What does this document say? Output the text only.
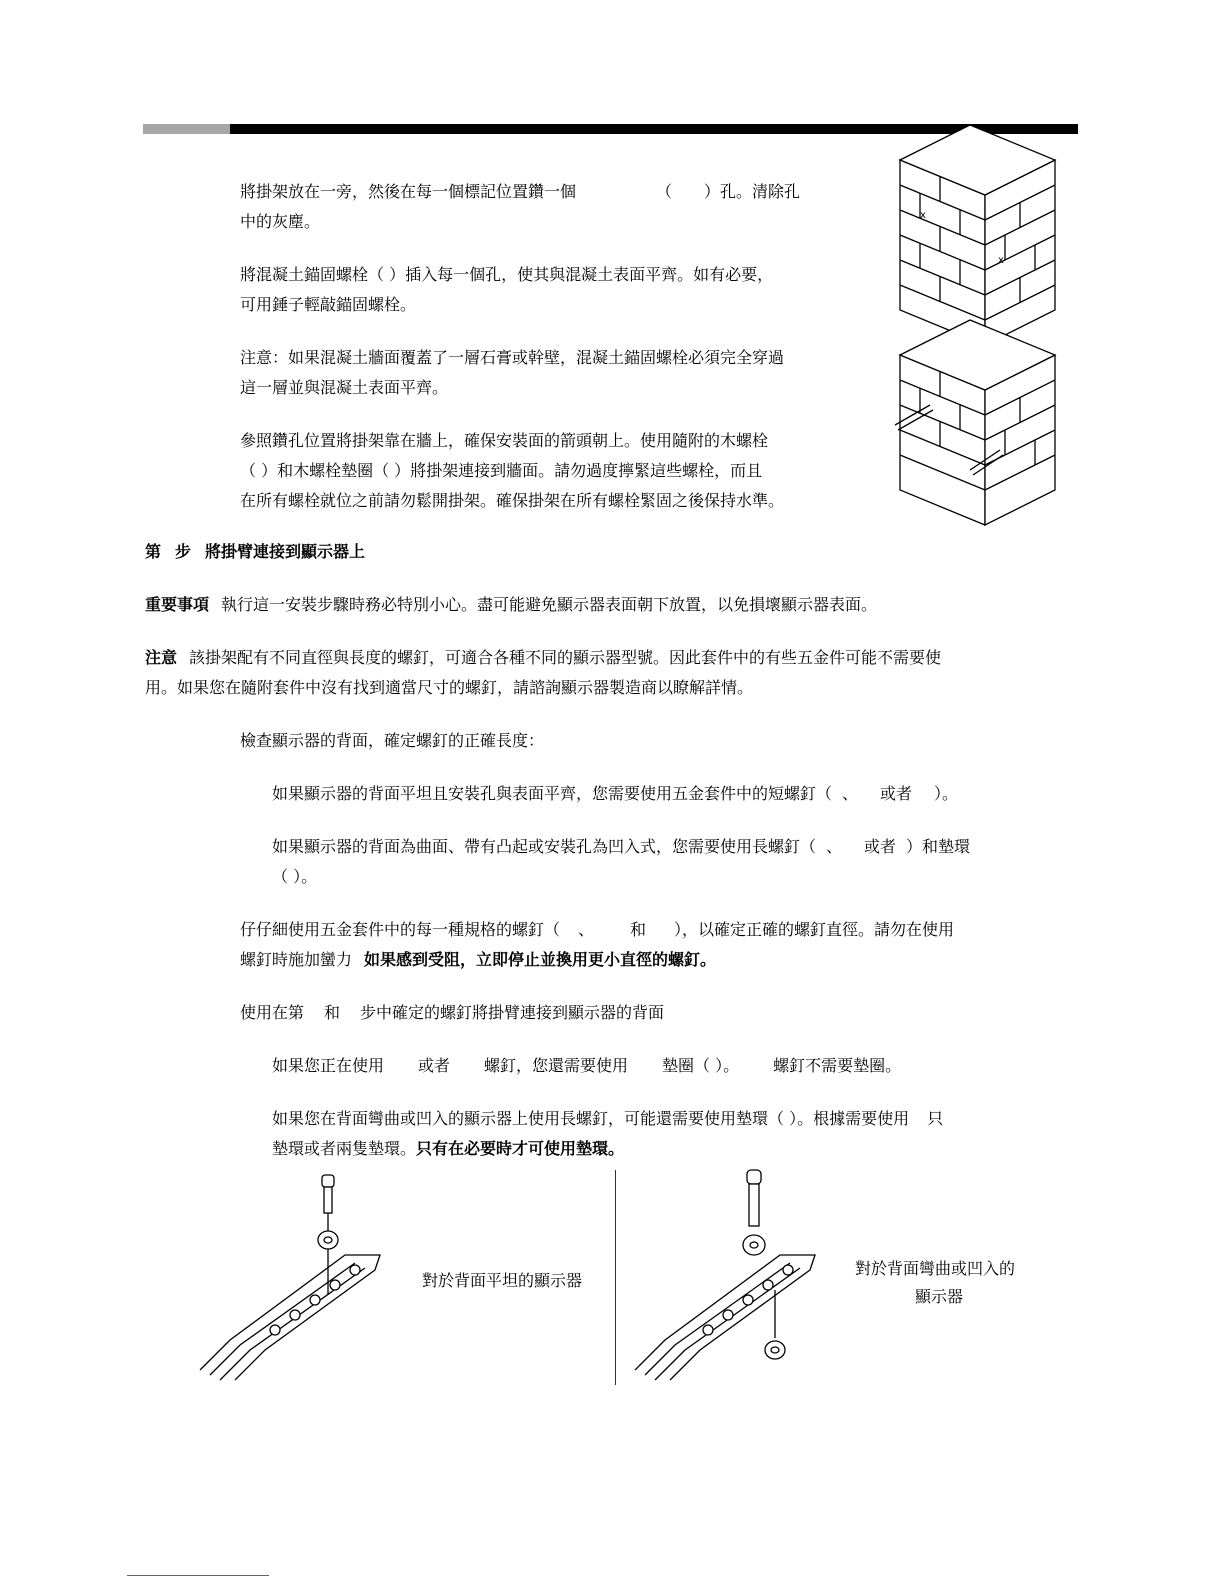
將掛架放在一旁，然後在每一個標記位置鑽一個	（ ）孔。清除孔
中的灰塵。
將混凝土錨固螺栓（ ）插入每一個孔，使其與混凝土表面平齊。如有必要，
可用錘子輕敲錨固螺栓。
注意：如果混凝土牆面覆蓋了一層石膏或幹壁，混凝土錨固螺栓必須完全穿過
這一層並與混凝土表面平齊。
參照鑽孔位置將掛架靠在牆上，確保安裝面的箭頭朝上。使用隨附的木螺栓
（ ）和木螺栓墊圈（ ）將掛架連接到牆面。請勿過度擰緊這些螺栓，而且
在所有螺栓就位之前請勿鬆開掛架。確保掛架在所有螺栓緊固之後保持水準。
第 步 將掛臂連接到顯示器上
重要事項 執行這一安裝步驟時務必特別小心。盡可能避免顯示器表面朝下放置，以免損壞顯示器表面。
注意 該掛架配有不同直徑與長度的螺釘，可適合各種不同的顯示器型號。因此套件中的有些五金件可能不需要使
用。如果您在隨附套件中沒有找到適當尺寸的螺釘，請諮詢顯示器製造商以瞭解詳情。
檢查顯示器的背面，確定螺釘的正確長度：
如果顯示器的背面平坦且安裝孔與表面平齊，您需要使用五金套件中的短螺釘（ 、 或者 ）。
如果顯示器的背面為曲面、帶有凸起或安裝孔為凹入式，您需要使用長螺釘（ 、 或者 ）和墊環
（ ）。
仔仔細使用五金套件中的每一種規格的螺釘（ 、 和 ），以確定正確的螺釘直徑。請勿在使用
螺釘時施加蠻力 如果感到受阻，立即停止並換用更小直徑的螺釘。
使用在第 和 步中確定的螺釘將掛臂連接到顯示器的背面
如果您正在使用 或者 螺釘，您還需要使用 墊圈（ ）。 螺釘不需要墊圈。
如果您在背面彎曲或凹入的顯示器上使用長螺釘，可能還需要使用墊環（ ）。根據需要使用 只
墊環或者兩隻墊環。只有在必要時才可使用墊環。
x
x
對於背面平坦的顯示器
對於背面彎曲或凹入的
顯示器
